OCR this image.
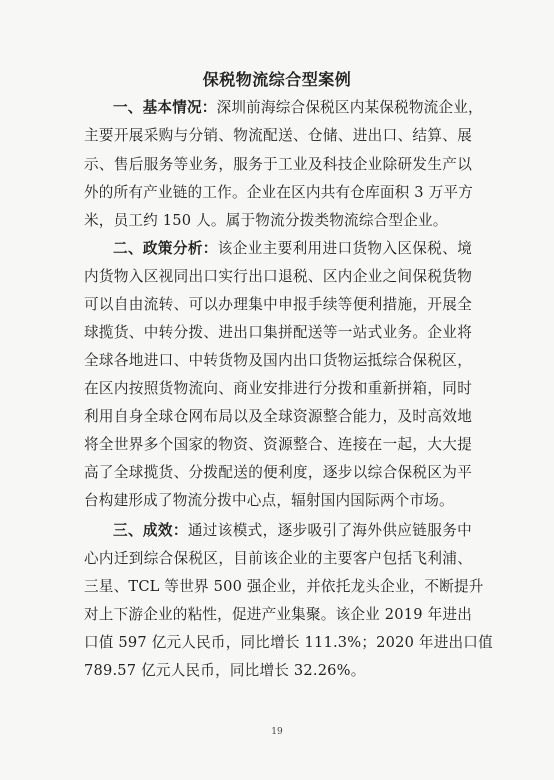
保税物流综合型案例
一、基本情况：深圳前海综合保税区内某保税物流企业，
主要开展采购与分销、物流配送、仓储、进出口、结算、展
示、售后服务等业务，服务于工业及科技企业除研发生产以
外的所有产业链的工作。企业在区内共有仓库面积 3 万平方
米，员工约 150 人。属于物流分拨类物流综合型企业。
二、政策分析：该企业主要利用进口货物入区保税、境
内货物入区视同出口实行出口退税、区内企业之间保税货物
可以自由流转、可以办理集中申报手续等便利措施，开展全
球揽货、中转分拨、进出口集拼配送等一站式业务。企业将
全球各地进口、中转货物及国内出口货物运抵综合保税区，
在区内按照货物流向、商业安排进行分拨和重新拼箱，同时
利用自身全球仓网布局以及全球资源整合能力，及时高效地
将全世界多个国家的物资、资源整合、连接在一起，大大提
高了全球揽货、分拨配送的便利度，逐步以综合保税区为平
台构建形成了物流分拨中心点，辐射国内国际两个市场。
三、成效：通过该模式，逐步吸引了海外供应链服务中
心内迁到综合保税区，目前该企业的主要客户包括飞利浦、
三星、TCL 等世界 500 强企业，并依托龙头企业，不断提升
对上下游企业的粘性，促进产业集聚。该企业 2019 年进出
口值 597 亿元人民币，同比增长 111.3%；2020 年进出口值
789.57 亿元人民币，同比增长 32.26%。
19
